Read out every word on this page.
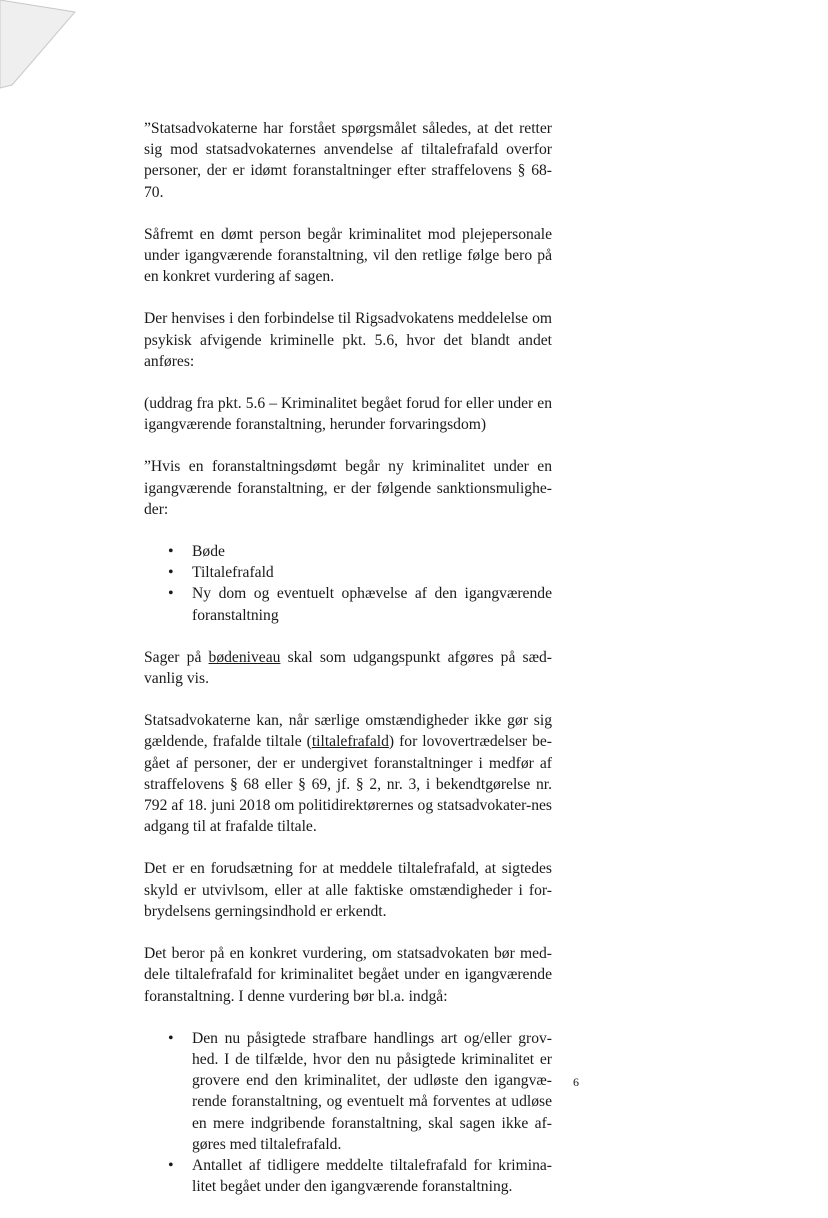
”Statsadvokaterne har forstået spørgsmålet således, at det retter sig mod statsadvokaternes anvendelse af tiltalefrafald overfor personer, der er idømt foranstaltninger efter straffelovens § 68-70.

Såfremt en dømt person begår kriminalitet mod plejepersonale under igangværende foranstaltning, vil den retlige følge bero på en konkret vurdering af sagen.

Der henvises i den forbindelse til Rigsadvokatens meddelelse om psykisk afvigende kriminelle pkt. 5.6, hvor det blandt andet anføres:

(uddrag fra pkt. 5.6 – Kriminalitet begået forud for eller under en igangværende foranstaltning, herunder forvaringsdom)

”Hvis en foranstaltningsdømt begår ny kriminalitet under en igangværende foranstaltning, er der følgende sanktionsmulighe-der:

• Bøde
• Tiltalefrafald
• Ny dom og eventuelt ophævelse af den igangværende foranstaltning

Sager på bødeniveau skal som udgangspunkt afgøres på sæd-vanlig vis.

Statsadvokaterne kan, når særlige omstændigheder ikke gør sig gældende, frafalde tiltale (tiltalefrafald) for lovovertrædelser be-gået af personer, der er undergivet foranstaltninger i medfør af straffelovens § 68 eller § 69, jf. § 2, nr. 3, i bekendtgørelse nr. 792 af 18. juni 2018 om politidirektørernes og statsadvokater-nes adgang til at frafalde tiltale.

Det er en forudsætning for at meddele tiltalefrafald, at sigtedes skyld er utvivlsom, eller at alle faktiske omstændigheder i for-brydelsens gerningsindhold er erkendt.

Det beror på en konkret vurdering, om statsadvokaten bør med-dele tiltalefrafald for kriminalitet begået under en igangværende foranstaltning. I denne vurdering bør bl.a. indgå:

• Den nu påsigtede strafbare handlings art og/eller grov-hed. I de tilfælde, hvor den nu påsigtede kriminalitet er grovere end den kriminalitet, der udløste den igangvæ-rende foranstaltning, og eventuelt må forventes at udløse en mere indgribende foranstaltning, skal sagen ikke af-gøres med tiltalefrafald.
• Antallet af tidligere meddelte tiltalefrafald for krimina-litet begået under den igangværende foranstaltning.
6
